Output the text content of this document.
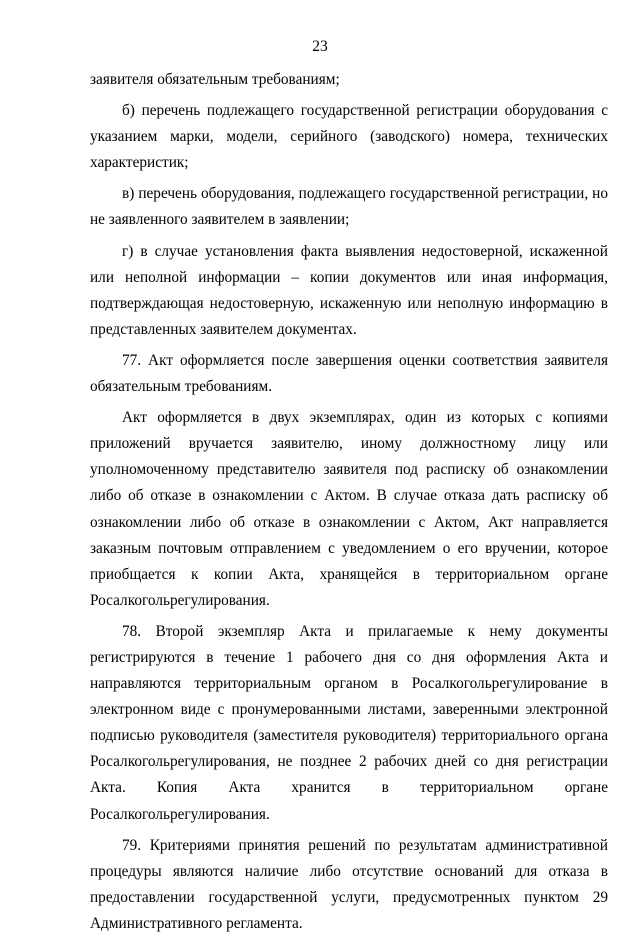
23

заявителя обязательным требованиям;

б) перечень подлежащего государственной регистрации оборудования с указанием марки, модели, серийного (заводского) номера, технических характеристик;

в) перечень оборудования, подлежащего государственной регистрации, но не заявленного заявителем в заявлении;

г) в случае установления факта выявления недостоверной, искаженной или неполной информации – копии документов или иная информация, подтверждающая недостоверную, искаженную или неполную информацию в представленных заявителем документах.

77. Акт оформляется после завершения оценки соответствия заявителя обязательным требованиям.

Акт оформляется в двух экземплярах, один из которых с копиями приложений вручается заявителю, иному должностному лицу или уполномоченному представителю заявителя под расписку об ознакомлении либо об отказе в ознакомлении с Актом. В случае отказа дать расписку об ознакомлении либо об отказе в ознакомлении с Актом, Акт направляется заказным почтовым отправлением с уведомлением о его вручении, которое приобщается к копии Акта, хранящейся в территориальном органе Росалкогольрегулирования.

78. Второй экземпляр Акта и прилагаемые к нему документы регистрируются в течение 1 рабочего дня со дня оформления Акта и направляются территориальным органом в Росалкогольрегулирование в электронном виде с пронумерованными листами, заверенными электронной подписью руководителя (заместителя руководителя) территориального органа Росалкогольрегулирования, не позднее 2 рабочих дней со дня регистрации Акта. Копия Акта хранится в территориальном органе Росалкогольрегулирования.

79. Критериями принятия решений по результатам административной процедуры являются наличие либо отсутствие оснований для отказа в предоставлении государственной услуги, предусмотренных пунктом 29 Административного регламента.
